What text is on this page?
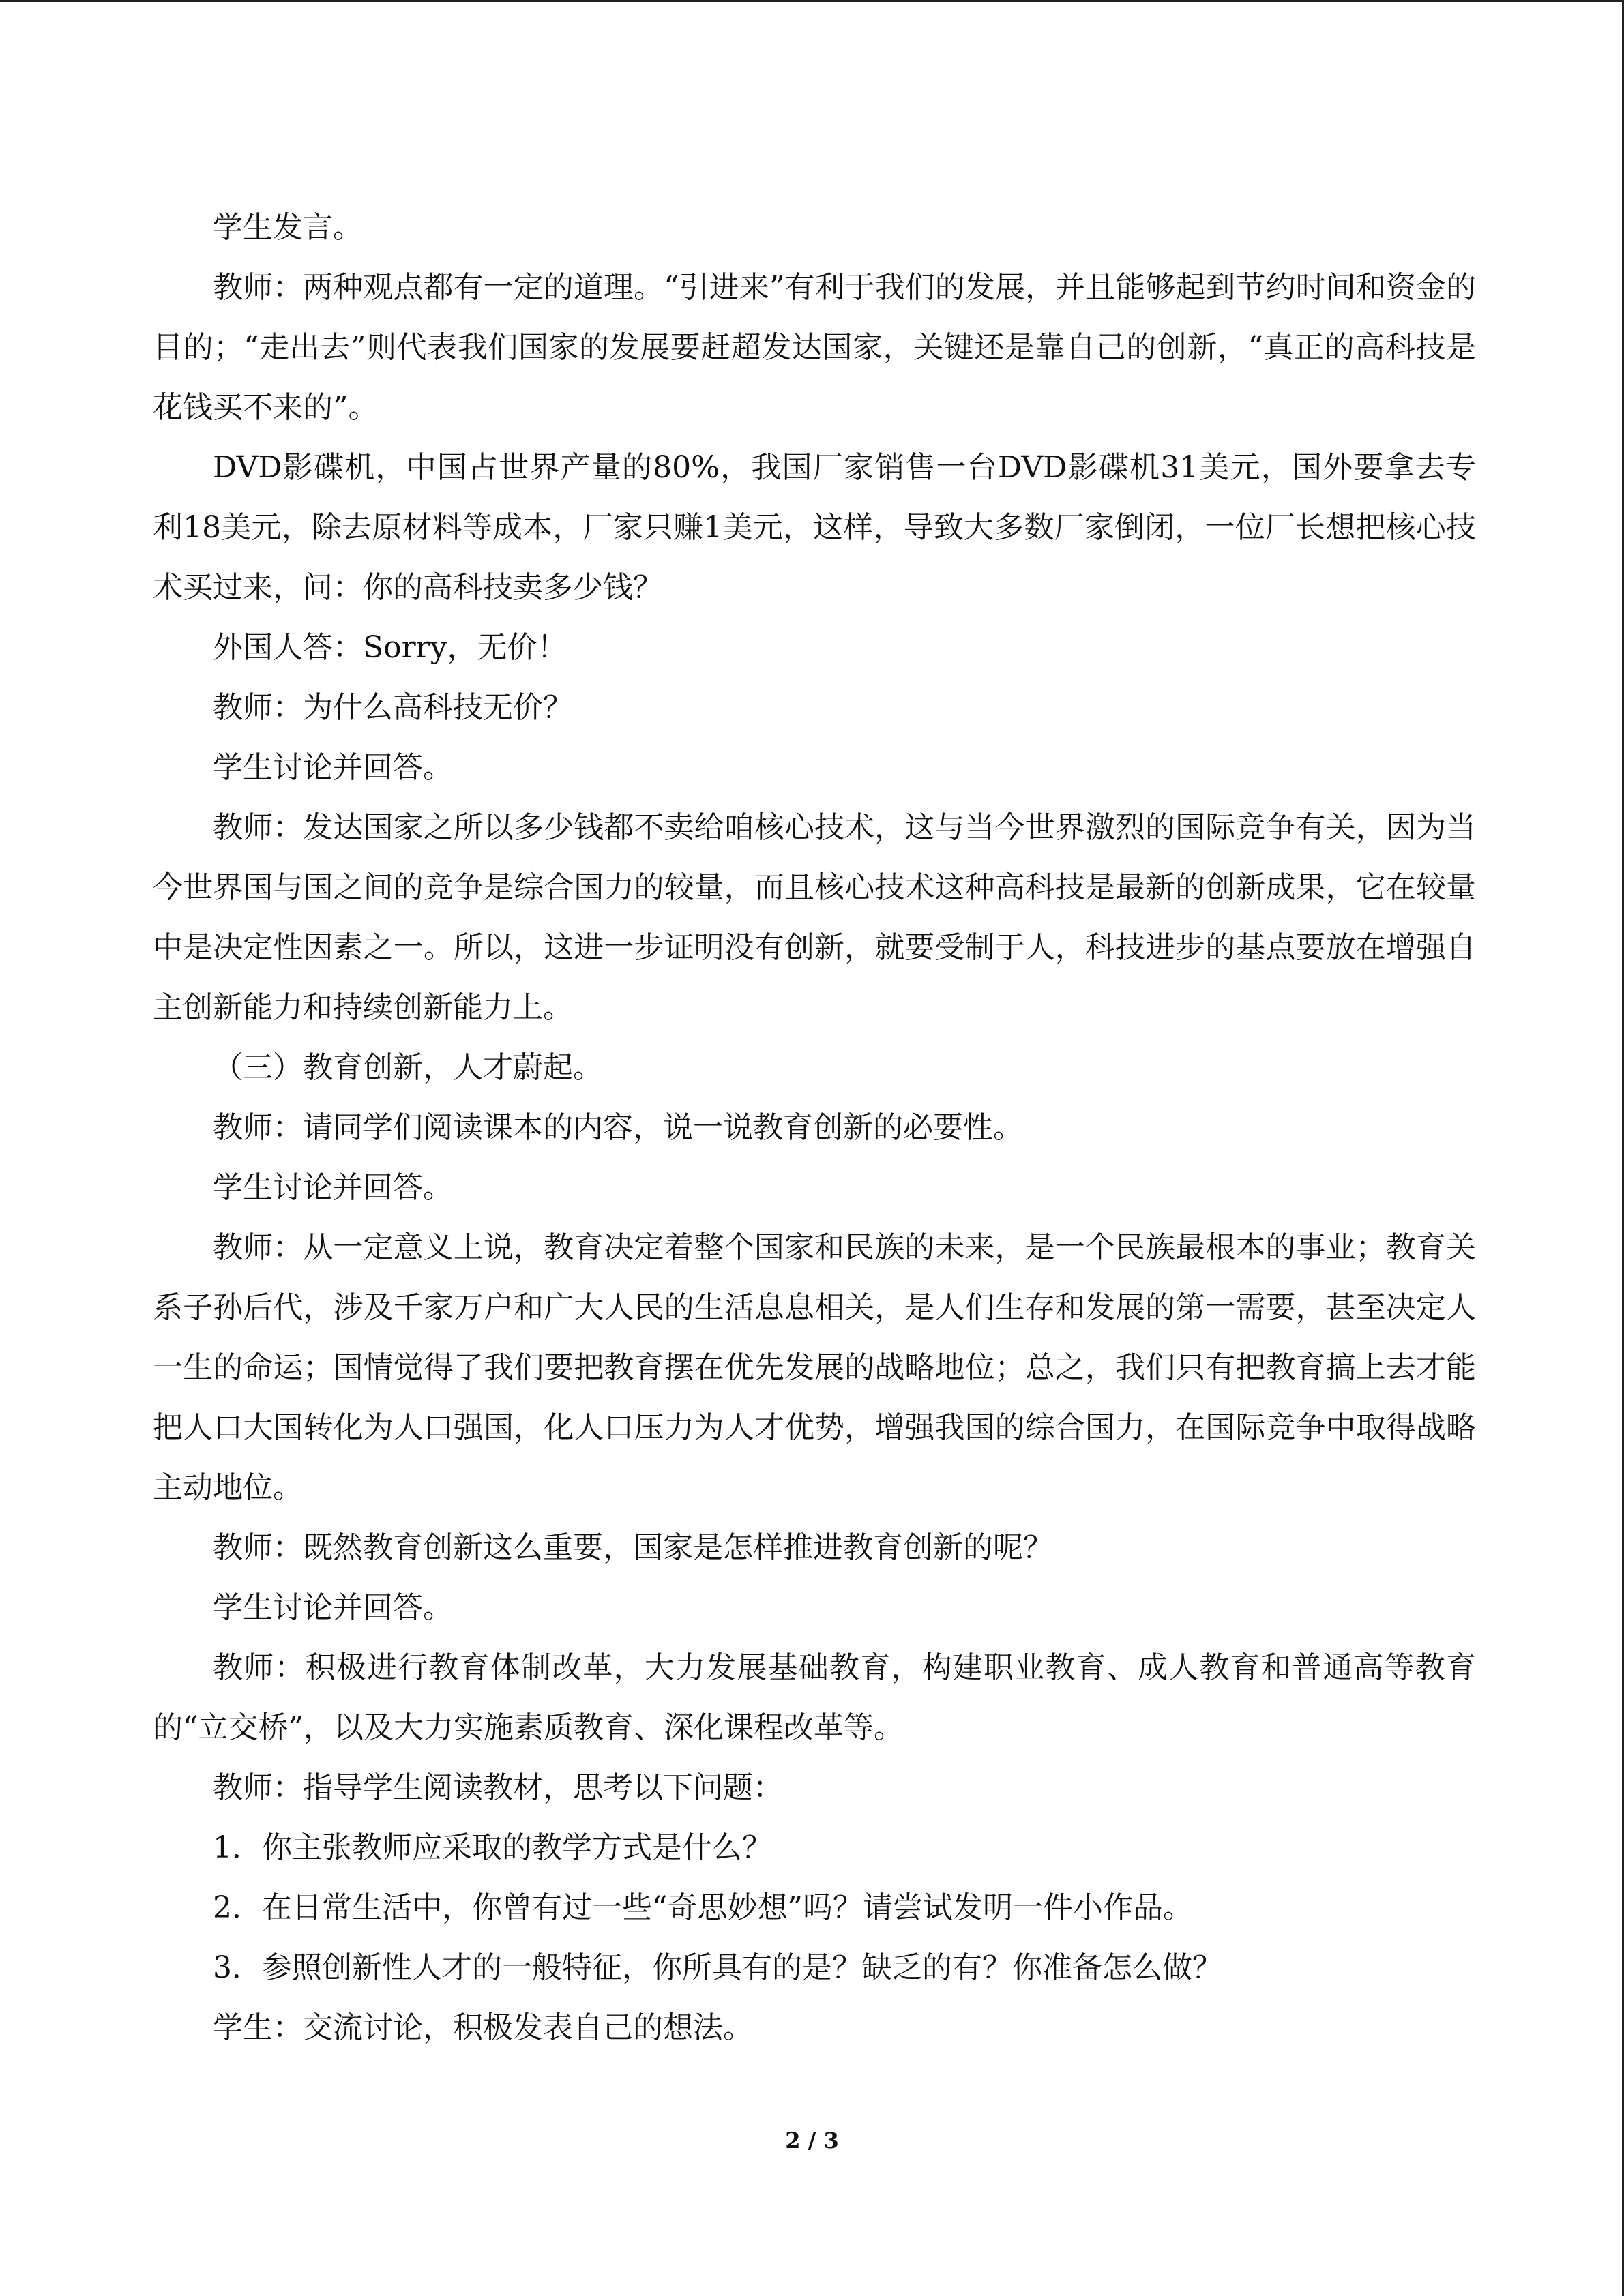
学生发言。

教师：两种观点都有一定的道理。“引进来”有利于我们的发展，并且能够起到节约时间和资金的目的；“走出去”则代表我们国家的发展要赶超发达国家，关键还是靠自己的创新，“真正的高科技是花钱买不来的”。

DVD影碟机，中国占世界产量的80%，我国厂家销售一台DVD影碟机31美元，国外要拿去专利18美元，除去原材料等成本，厂家只赚1美元，这样，导致大多数厂家倒闭，一位厂长想把核心技术买过来，问：你的高科技卖多少钱？

外国人答：Sorry，无价！

教师：为什么高科技无价？

学生讨论并回答。

教师：发达国家之所以多少钱都不卖给咱核心技术，这与当今世界激烈的国际竞争有关，因为当今世界国与国之间的竞争是综合国力的较量，而且核心技术这种高科技是最新的创新成果，它在较量中是决定性因素之一。所以，这进一步证明没有创新，就要受制于人，科技进步的基点要放在增强自主创新能力和持续创新能力上。

（三）教育创新，人才蔚起。

教师：请同学们阅读课本的内容，说一说教育创新的必要性。

学生讨论并回答。

教师：从一定意义上说，教育决定着整个国家和民族的未来，是一个民族最根本的事业；教育关系子孙后代，涉及千家万户和广大人民的生活息息相关，是人们生存和发展的第一需要，甚至决定人一生的命运；国情觉得了我们要把教育摆在优先发展的战略地位；总之，我们只有把教育搞上去才能把人口大国转化为人口强国，化人口压力为人才优势，增强我国的综合国力，在国际竞争中取得战略主动地位。

教师：既然教育创新这么重要，国家是怎样推进教育创新的呢？

学生讨论并回答。

教师：积极进行教育体制改革，大力发展基础教育，构建职业教育、成人教育和普通高等教育的“立交桥”，以及大力实施素质教育、深化课程改革等。

教师：指导学生阅读教材，思考以下问题：

1．你主张教师应采取的教学方式是什么？

2．在日常生活中，你曾有过一些“奇思妙想”吗？请尝试发明一件小作品。

3．参照创新性人才的一般特征，你所具有的是？缺乏的有？你准备怎么做？

学生：交流讨论，积极发表自己的想法。

2 / 3
